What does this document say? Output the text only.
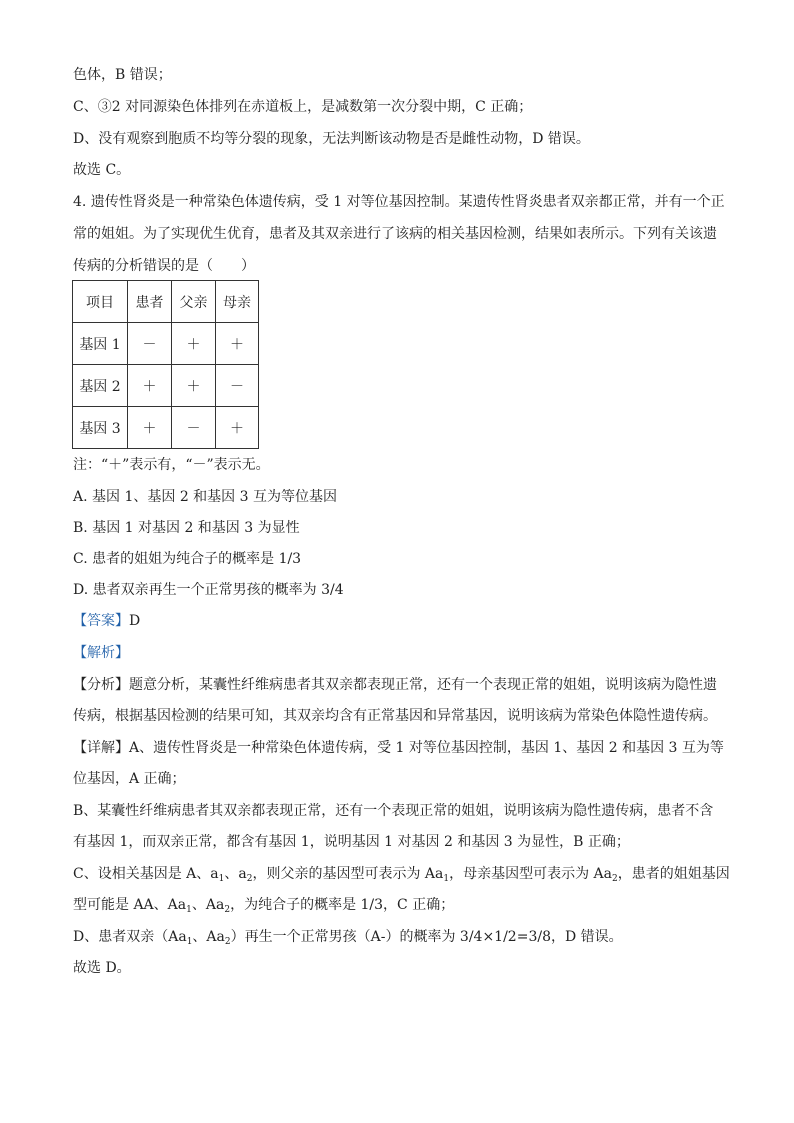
色体，B 错误；
C、③2 对同源染色体排列在赤道板上，是减数第一次分裂中期，C 正确；
D、没有观察到胞质不均等分裂的现象，无法判断该动物是否是雌性动物，D 错误。
故选 C。
4. 遗传性肾炎是一种常染色体遗传病，受 1 对等位基因控制。某遗传性肾炎患者双亲都正常，并有一个正
常的姐姐。为了实现优生优育，患者及其双亲进行了该病的相关基因检测，结果如表所示。下列有关该遗
传病的分析错误的是（　　）
项目	患者	父亲	母亲
基因 1	－	＋	＋
基因 2	＋	＋	－
基因 3	＋	－	＋
注：“＋”表示有，“－”表示无。
A. 基因 1、基因 2 和基因 3 互为等位基因
B. 基因 1 对基因 2 和基因 3 为显性
C. 患者的姐姐为纯合子的概率是 1/3
D. 患者双亲再生一个正常男孩的概率为 3/4
【答案】D
【解析】
【分析】题意分析，某囊性纤维病患者其双亲都表现正常，还有一个表现正常的姐姐，说明该病为隐性遗
传病，根据基因检测的结果可知，其双亲均含有正常基因和异常基因，说明该病为常染色体隐性遗传病。
【详解】A、遗传性肾炎是一种常染色体遗传病，受 1 对等位基因控制，基因 1、基因 2 和基因 3 互为等
位基因，A 正确；
B、某囊性纤维病患者其双亲都表现正常，还有一个表现正常的姐姐，说明该病为隐性遗传病，患者不含
有基因 1，而双亲正常，都含有基因 1，说明基因 1 对基因 2 和基因 3 为显性，B 正确；
C、设相关基因是 A、$a_1$、$a_2$，则父亲的基因型可表示为 $Aa_1$，母亲基因型可表示为 $Aa_2$，患者的姐姐基因
型可能是 AA、$Aa_1$、$Aa_2$，为纯合子的概率是 1/3，C 正确；
D、患者双亲（$Aa_1$、$Aa_2$）再生一个正常男孩（A-）的概率为 3/4×1/2=3/8，D 错误。
故选 D。
